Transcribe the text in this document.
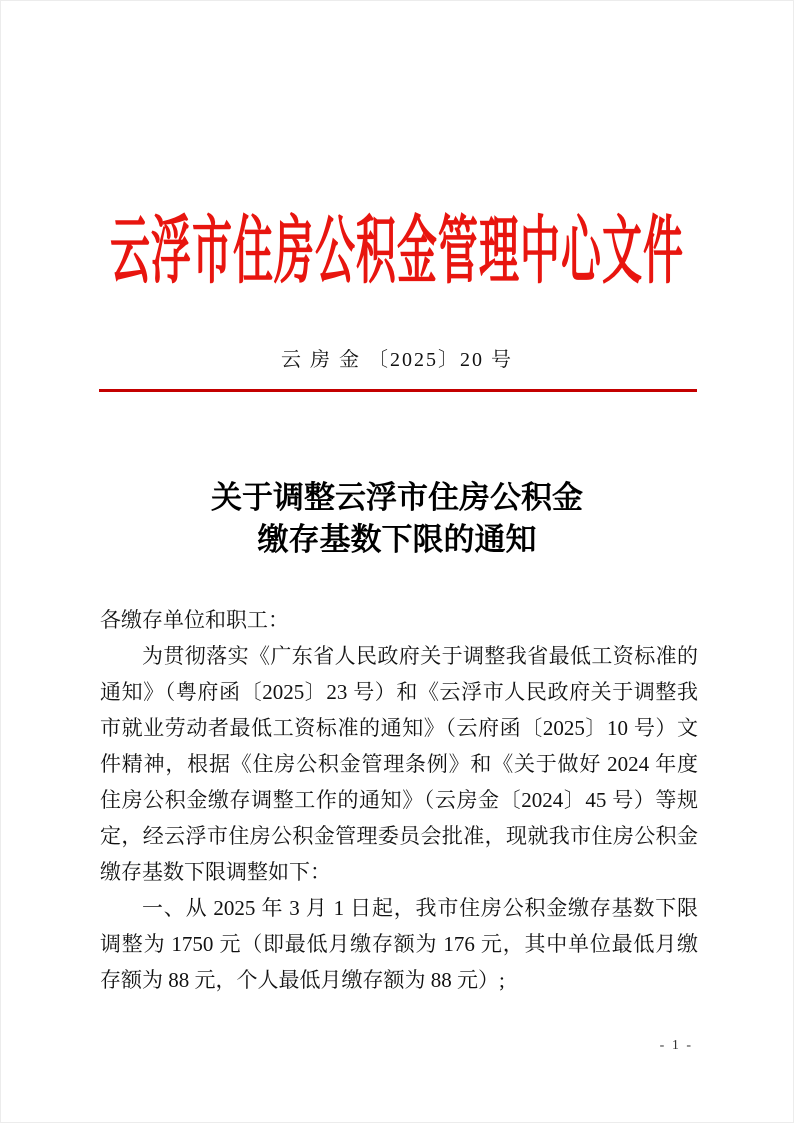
云浮市住房公积金管理中心文件
云 房 金 〔2025〕20 号
关于调整云浮市住房公积金
缴存基数下限的通知

各缴存单位和职工：

为贯彻落实《广东省人民政府关于调整我省最低工资标准的通知》（粤府函〔2025〕23 号）和《云浮市人民政府关于调整我市就业劳动者最低工资标准的通知》（云府函〔2025〕10 号）文件精神，根据《住房公积金管理条例》和《关于做好 2024 年度住房公积金缴存调整工作的通知》（云房金〔2024〕45 号）等规定，经云浮市住房公积金管理委员会批准，现就我市住房公积金缴存基数下限调整如下：

一、从 2025 年 3 月 1 日起，我市住房公积金缴存基数下限调整为 1750 元（即最低月缴存额为 176 元，其中单位最低月缴存额为 88 元，个人最低月缴存额为 88 元）;

- 1 -
